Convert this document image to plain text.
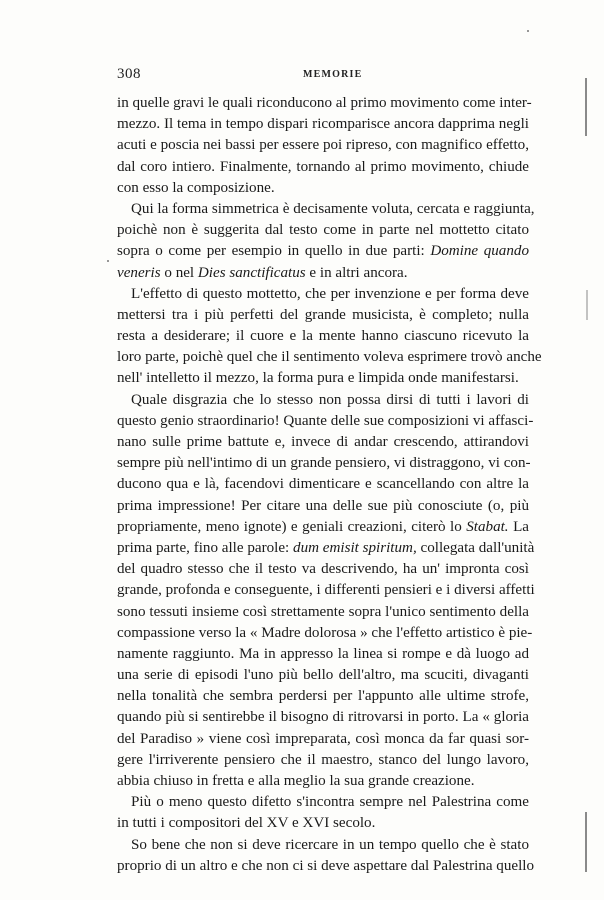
308	MEMORIE
in quelle gravi le quali riconducono al primo movimento come inter-
mezzo. Il tema in tempo dispari ricomparisce ancora dapprima negli
acuti e poscia nei bassi per essere poi ripreso, con magnifico effetto,
dal coro intiero. Finalmente, tornando al primo movimento, chiude
con esso la composizione.
Qui la forma simmetrica è decisamente voluta, cercata e raggiunta,
poichè non è suggerita dal testo come in parte nel mottetto citato
sopra o come per esempio in quello in due parti: Domine quando
veneris o nel Dies sanctificatus e in altri ancora.
L'effetto di questo mottetto, che per invenzione e per forma deve
mettersi tra i più perfetti del grande musicista, è completo; nulla
resta a desiderare; il cuore e la mente hanno ciascuno ricevuto la
loro parte, poichè quel che il sentimento voleva esprimere trovò anche
nell' intelletto il mezzo, la forma pura e limpida onde manifestarsi.
Quale disgrazia che lo stesso non possa dirsi di tutti i lavori di
questo genio straordinario! Quante delle sue composizioni vi affasci-
nano sulle prime battute e, invece di andar crescendo, attirandovi
sempre più nell'intimo di un grande pensiero, vi distraggono, vi con-
ducono qua e là, facendovi dimenticare e scancellando con altre la
prima impressione! Per citare una delle sue più conosciute (o, più
propriamente, meno ignote) e geniali creazioni, citerò lo Stabat. La
prima parte, fino alle parole: dum emisit spiritum, collegata dall'unità
del quadro stesso che il testo va descrivendo, ha un' impronta così
grande, profonda e conseguente, i differenti pensieri e i diversi affetti
sono tessuti insieme così strettamente sopra l'unico sentimento della
compassione verso la « Madre dolorosa » che l'effetto artistico è pie-
namente raggiunto. Ma in appresso la linea si rompe e dà luogo ad
una serie di episodi l'uno più bello dell'altro, ma scuciti, divaganti
nella tonalità che sembra perdersi per l'appunto alle ultime strofe,
quando più si sentirebbe il bisogno di ritrovarsi in porto. La « gloria
del Paradiso » viene così impreparata, così monca da far quasi sor-
gere l'irriverente pensiero che il maestro, stanco del lungo lavoro,
abbia chiuso in fretta e alla meglio la sua grande creazione.
Più o meno questo difetto s'incontra sempre nel Palestrina come
in tutti i compositori del XV e XVI secolo.
So bene che non si deve ricercare in un tempo quello che è stato
proprio di un altro e che non ci si deve aspettare dal Palestrina quello
